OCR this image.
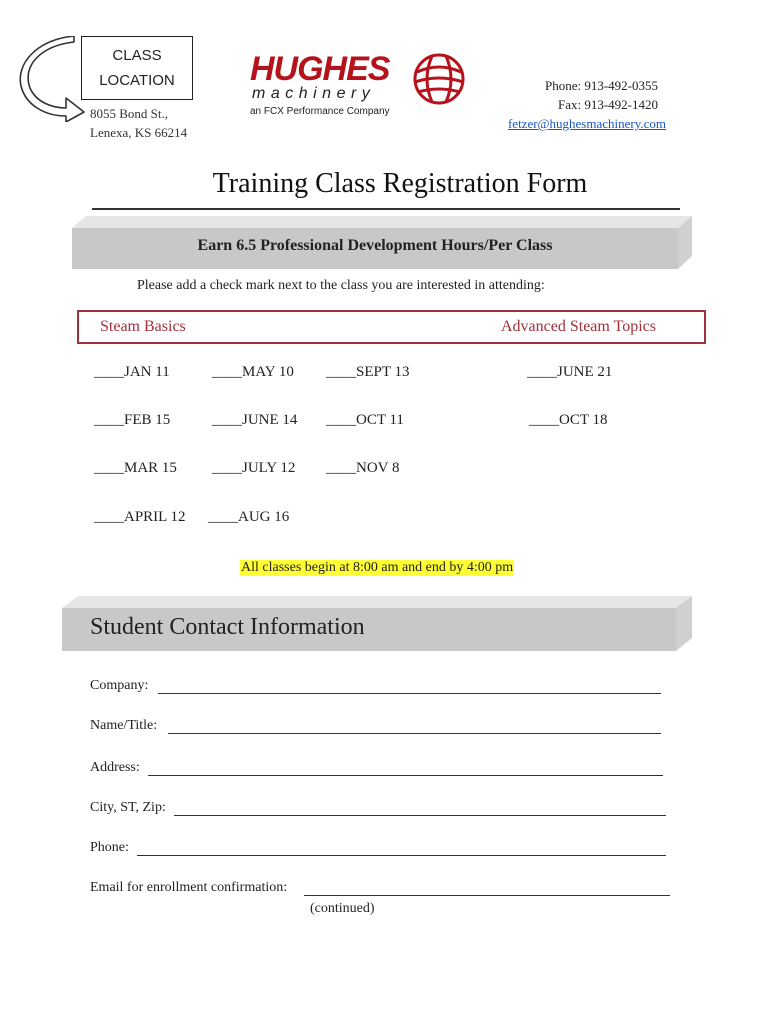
CLASS
LOCATION
8055 Bond St.,
Lenexa, KS 66214
HUGHES
machinery
an FCX Performance Company
Phone: 913-492-0355
Fax: 913-492-1420
fetzer@hughesmachinery.com
Training Class Registration Form
Earn 6.5 Professional Development Hours/Per Class
Please add a check mark next to the class you are interested in attending:
Steam Basics	Advanced Steam Topics
____JAN 11
____FEB 15
____MAR 15
____APRIL 12
____MAY 10
____JUNE 14
____JULY 12
____AUG 16
____SEPT 13
____OCT 11
____NOV 8
____JUNE 21
____OCT 18
All classes begin at 8:00 am and end by 4:00 pm
Student Contact Information
Company:
Name/Title:
Address:
City, ST, Zip:
Phone:
Email for enrollment confirmation:
(continued)
